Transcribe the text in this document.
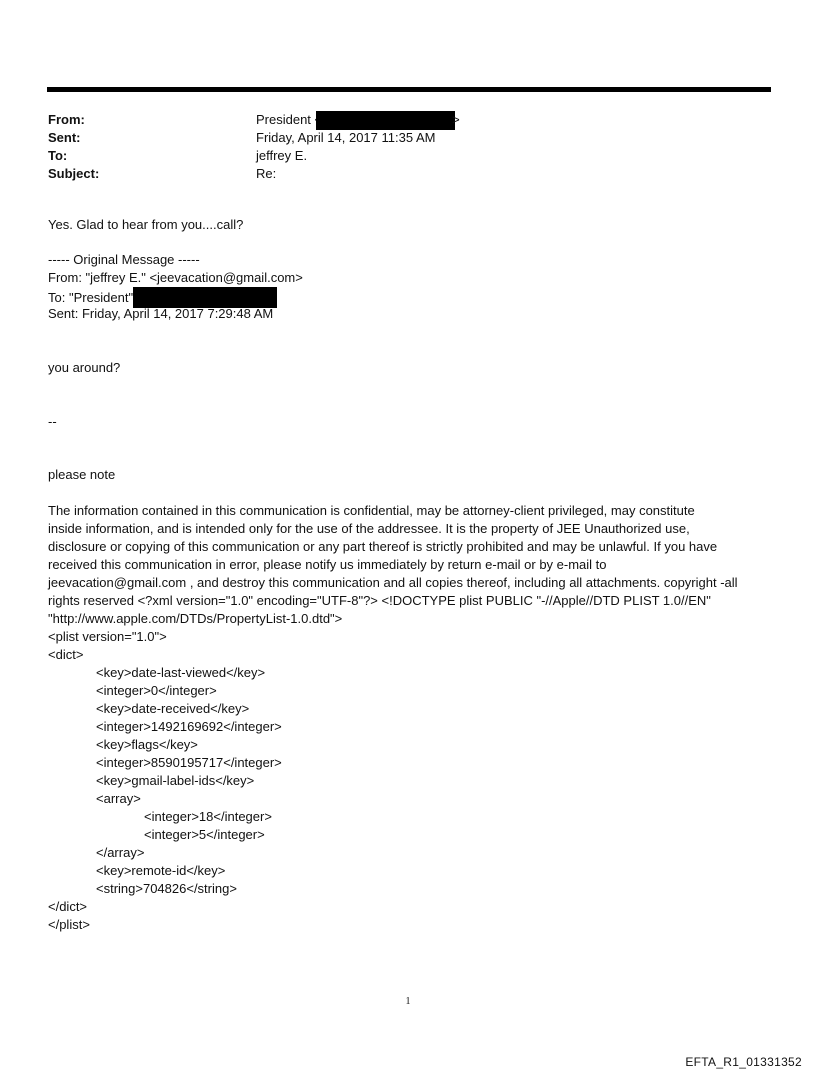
From:	President	>
Sent:	Friday, April 14, 2017 11:35 AM
To:	jeffrey E.
Subject:	Re:
Yes. Glad to hear from you....call?
----- Original Message -----
From: "jeffrey E." <jeevacation@gmail.com>
To: "President"
Sent: Friday, April 14, 2017 7:29:48 AM
you around?
--
please note
The information contained in this communication is confidential, may be attorney-client privileged, may constitute
inside information, and is intended only for the use of the addressee. It is the property of JEE Unauthorized use,
disclosure or copying of this communication or any part thereof is strictly prohibited and may be unlawful. If you have
received this communication in error, please notify us immediately by return e-mail or by e-mail to
jeevacation@gmail.com , and destroy this communication and all copies thereof, including all attachments. copyright -all
rights reserved <?xml version="1.0" encoding="UTF-8"?> <!DOCTYPE plist PUBLIC "-//Apple//DTD PLIST 1.0//EN"
"http://www.apple.com/DTDs/PropertyList-1.0.dtd">
<plist version="1.0">
<dict>
<key>date-last-viewed</key>
<integer>0</integer>
<key>date-received</key>
<integer>1492169692</integer>
<key>flags</key>
<integer>8590195717</integer>
<key>gmail-label-ids</key>
<array>
<integer>18</integer>
<integer>5</integer>
</array>
<key>remote-id</key>
<string>704826</string>
</dict>
</plist>
1
EFTA_R1_01331352
